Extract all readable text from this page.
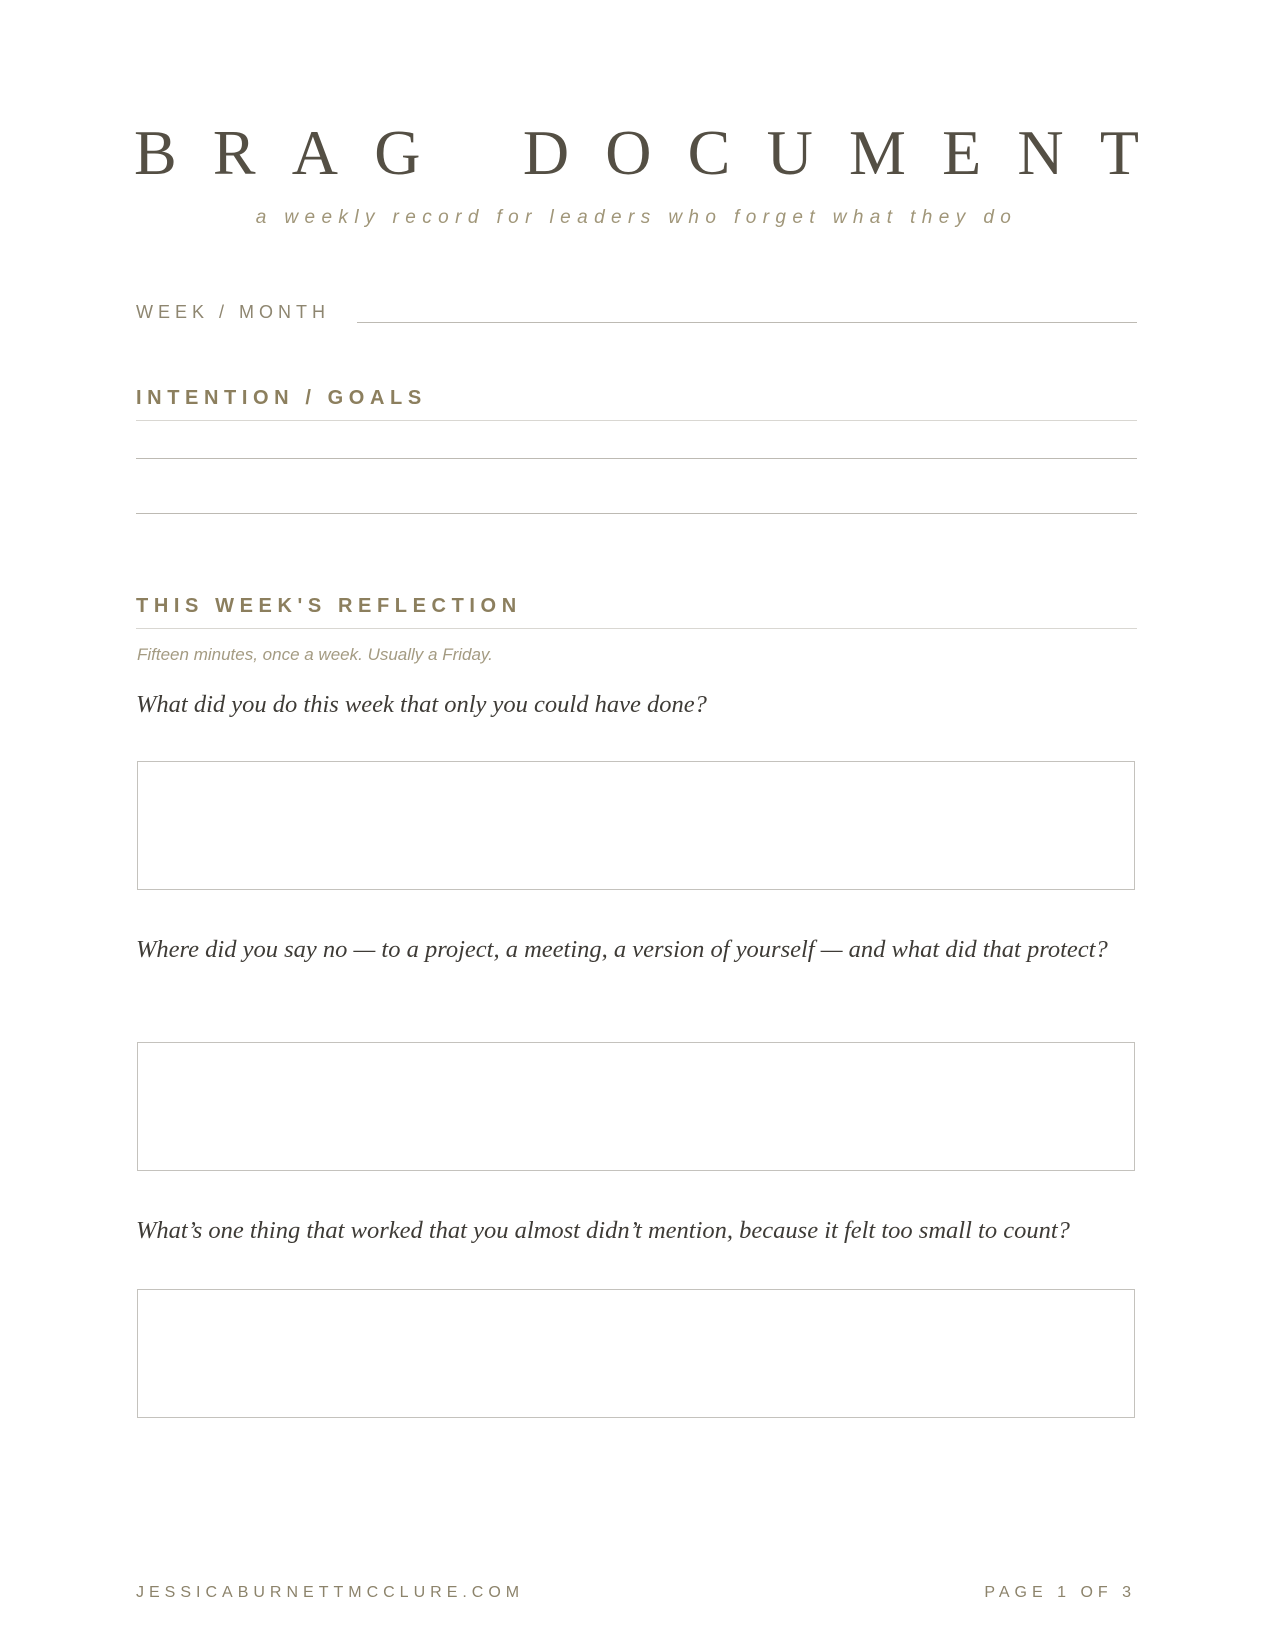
B R A G D O C U M E N T
a weekly record for leaders who forget what they do
WEEK / MONTH
INTENTION / GOALS
THIS WEEK'S REFLECTION
Fifteen minutes, once a week. Usually a Friday.
What did you do this week that only you could have done?
Where did you say no — to a project, a meeting, a version of yourself — and what did that protect?
What’s one thing that worked that you almost didn’t mention, because it felt too small to count?
JESSICABURNETTMCCLURE.COM	PAGE 1 OF 3
